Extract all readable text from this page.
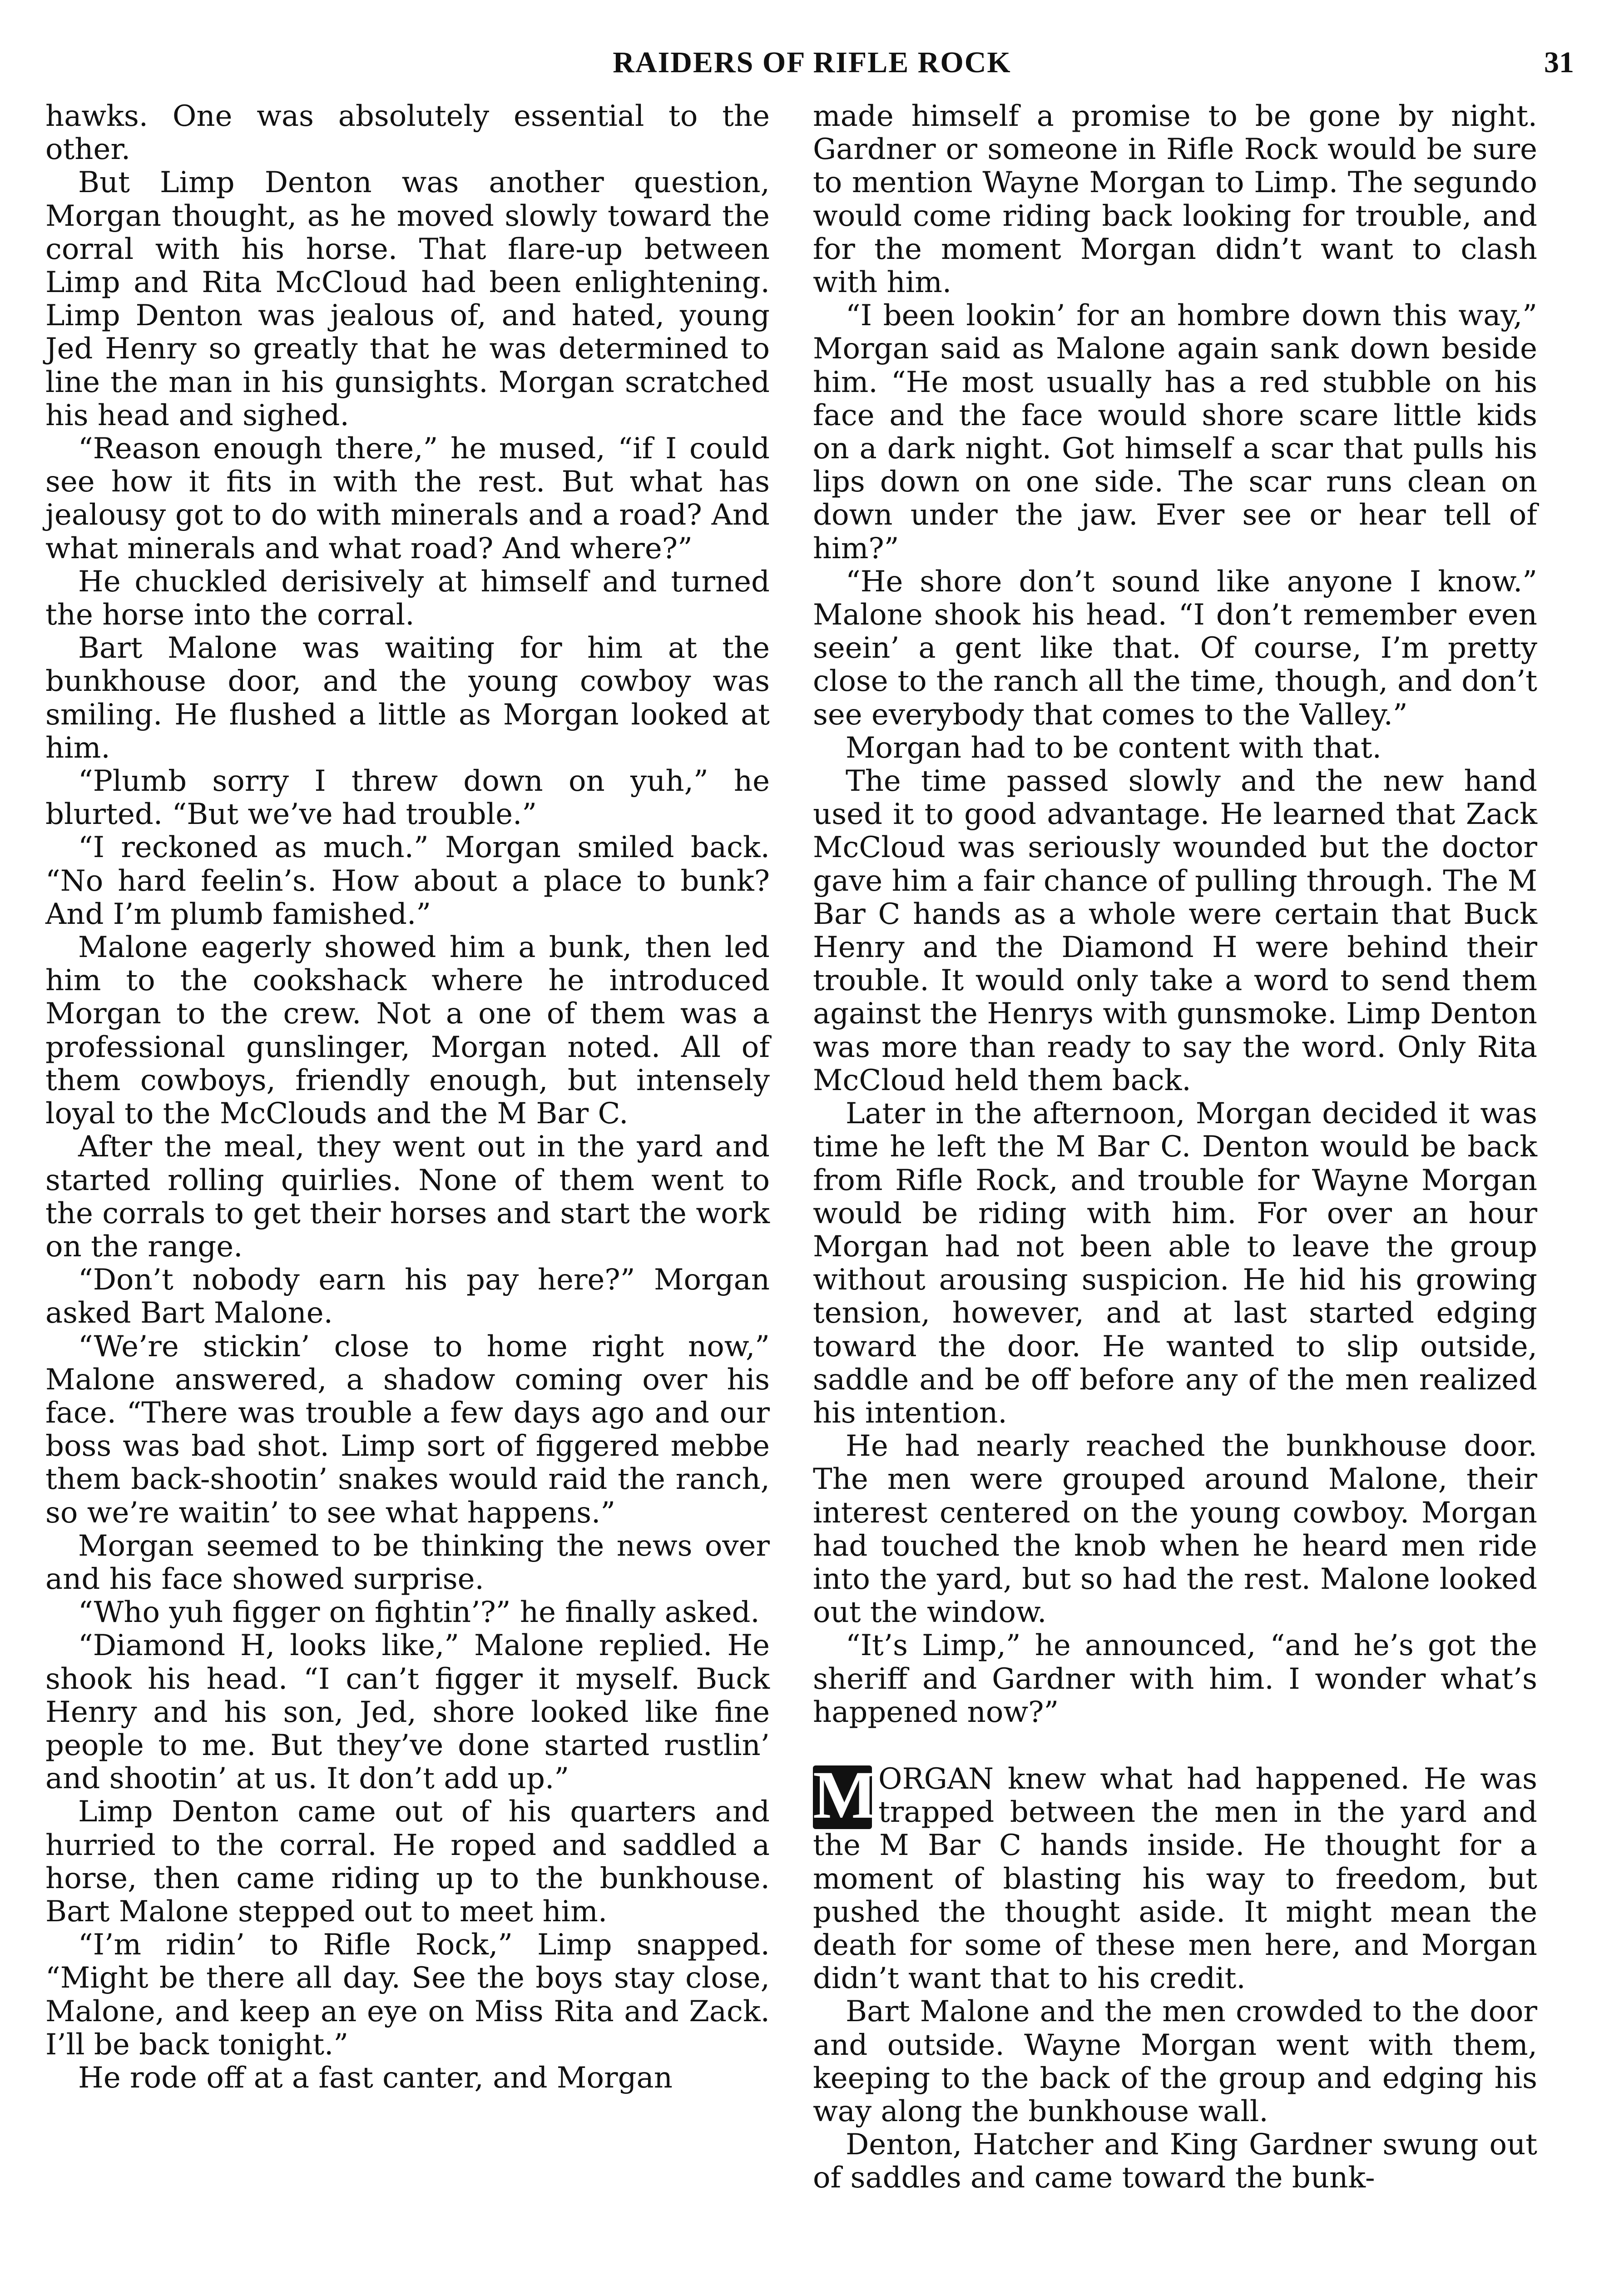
RAIDERS OF RIFLE ROCK	31

hawks. One was absolutely essential to the other.

But Limp Denton was another question, Morgan thought, as he moved slowly toward the corral with his horse. That flare-up between Limp and Rita McCloud had been enlightening. Limp Denton was jealous of, and hated, young Jed Henry so greatly that he was determined to line the man in his gunsights. Morgan scratched his head and sighed.

“Reason enough there,” he mused, “if I could see how it fits in with the rest. But what has jealousy got to do with minerals and a road? And what minerals and what road? And where?”

He chuckled derisively at himself and turned the horse into the corral.

Bart Malone was waiting for him at the bunkhouse door, and the young cowboy was smiling. He flushed a little as Morgan looked at him.

“Plumb sorry I threw down on yuh,” he blurted. “But we’ve had trouble.”

“I reckoned as much.” Morgan smiled back. “No hard feelin’s. How about a place to bunk? And I’m plumb famished.”

Malone eagerly showed him a bunk, then led him to the cookshack where he introduced Morgan to the crew. Not a one of them was a professional gunslinger, Morgan noted. All of them cowboys, friendly enough, but intensely loyal to the McClouds and the M Bar C.

After the meal, they went out in the yard and started rolling quirlies. None of them went to the corrals to get their horses and start the work on the range.

“Don’t nobody earn his pay here?” Morgan asked Bart Malone.

“We’re stickin’ close to home right now,” Malone answered, a shadow coming over his face. “There was trouble a few days ago and our boss was bad shot. Limp sort of figgered mebbe them back-shootin’ snakes would raid the ranch, so we’re waitin’ to see what happens.”

Morgan seemed to be thinking the news over and his face showed surprise.

“Who yuh figger on fightin’?” he finally asked.

“Diamond H, looks like,” Malone replied. He shook his head. “I can’t figger it myself. Buck Henry and his son, Jed, shore looked like fine people to me. But they’ve done started rustlin’ and shootin’ at us. It don’t add up.”

Limp Denton came out of his quarters and hurried to the corral. He roped and saddled a horse, then came riding up to the bunkhouse. Bart Malone stepped out to meet him.

“I’m ridin’ to Rifle Rock,” Limp snapped. “Might be there all day. See the boys stay close, Malone, and keep an eye on Miss Rita and Zack. I’ll be back tonight.”

He rode off at a fast canter, and Morgan

made himself a promise to be gone by night. Gardner or someone in Rifle Rock would be sure to mention Wayne Morgan to Limp. The segundo would come riding back looking for trouble, and for the moment Morgan didn’t want to clash with him.

“I been lookin’ for an hombre down this way,” Morgan said as Malone again sank down beside him. “He most usually has a red stubble on his face and the face would shore scare little kids on a dark night. Got himself a scar that pulls his lips down on one side. The scar runs clean on down under the jaw. Ever see or hear tell of him?”

“He shore don’t sound like anyone I know.” Malone shook his head. “I don’t remember even seein’ a gent like that. Of course, I’m pretty close to the ranch all the time, though, and don’t see everybody that comes to the Valley.”

Morgan had to be content with that.

The time passed slowly and the new hand used it to good advantage. He learned that Zack McCloud was seriously wounded but the doctor gave him a fair chance of pulling through. The M Bar C hands as a whole were certain that Buck Henry and the Diamond H were behind their trouble. It would only take a word to send them against the Henrys with gunsmoke. Limp Denton was more than ready to say the word. Only Rita McCloud held them back.

Later in the afternoon, Morgan decided it was time he left the M Bar C. Denton would be back from Rifle Rock, and trouble for Wayne Morgan would be riding with him. For over an hour Morgan had not been able to leave the group without arousing suspicion. He hid his growing tension, however, and at last started edging toward the door. He wanted to slip outside, saddle and be off before any of the men realized his intention.

He had nearly reached the bunkhouse door. The men were grouped around Malone, their interest centered on the young cowboy. Morgan had touched the knob when he heard men ride into the yard, but so had the rest. Malone looked out the window.

“It’s Limp,” he announced, “and he’s got the sheriff and Gardner with him. I wonder what’s happened now?”

M ORGAN knew what had happened. He was trapped between the men in the yard and the M Bar C hands inside. He thought for a moment of blasting his way to freedom, but pushed the thought aside. It might mean the death for some of these men here, and Morgan didn’t want that to his credit.

Bart Malone and the men crowded to the door and outside. Wayne Morgan went with them, keeping to the back of the group and edging his way along the bunkhouse wall.

Denton, Hatcher and King Gardner swung out of saddles and came toward the bunk-
